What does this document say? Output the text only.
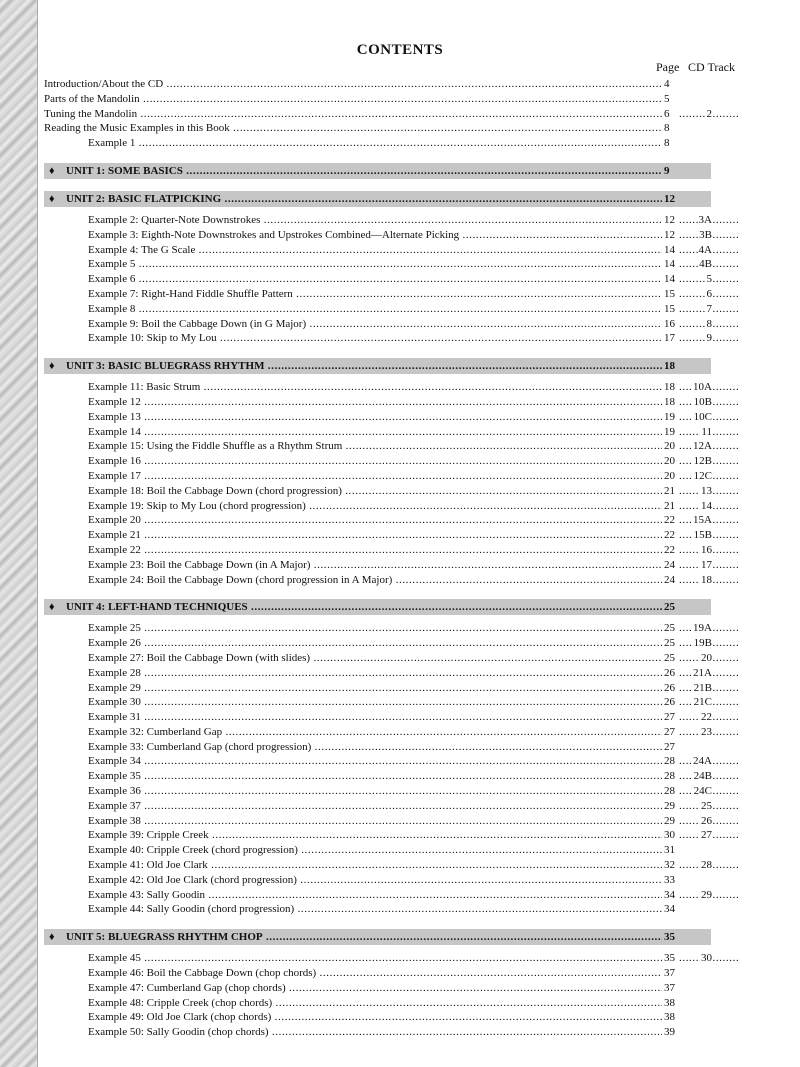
CONTENTS
Page CD Track
Introduction/About the CD .....	4
Parts of the Mandolin .....	5
Tuning the Mandolin .....	6	..... 2
Reading the Music Examples in this Book .....	8
Example 1 .....	8
♦ UNIT 1: SOME BASICS .....	9
♦ UNIT 2: BASIC FLATPICKING .....	12
Example 2: Quarter-Note Downstrokes .....	12	..... 3A
Example 3: Eighth-Note Downstrokes and Upstrokes Combined—Alternate Picking .....	12	..... 3B
Example 4: The G Scale .....	14	..... 4A
Example 5 .....	14	..... 4B
Example 6 .....	14	..... 5
Example 7: Right-Hand Fiddle Shuffle Pattern .....	15	..... 6
Example 8 .....	15	..... 7
Example 9: Boil the Cabbage Down (in G Major) .....	16	..... 8
Example 10: Skip to My Lou .....	17	..... 9
♦ UNIT 3: BASIC BLUEGRASS RHYTHM .....	18
Example 11: Basic Strum .....	18	..... 10A
Example 12 .....	18	..... 10B
Example 13 .....	19	..... 10C
Example 14 .....	19	..... 11
Example 15: Using the Fiddle Shuffle as a Rhythm Strum .....	20	..... 12A
Example 16 .....	20	..... 12B
Example 17 .....	20	..... 12C
Example 18: Boil the Cabbage Down (chord progression) .....	21	..... 13
Example 19: Skip to My Lou (chord progression) .....	21	..... 14
Example 20 .....	22	..... 15A
Example 21 .....	22	..... 15B
Example 22 .....	22	..... 16
Example 23: Boil the Cabbage Down (in A Major) .....	24	..... 17
Example 24: Boil the Cabbage Down (chord progression in A Major) .....	24	..... 18
♦ UNIT 4: LEFT-HAND TECHNIQUES .....	25
Example 25 .....	25	..... 19A
Example 26 .....	25	..... 19B
Example 27: Boil the Cabbage Down (with slides) .....	25	..... 20
Example 28 .....	26	..... 21A
Example 29 .....	26	..... 21B
Example 30 .....	26	..... 21C
Example 31 .....	27	..... 22
Example 32: Cumberland Gap .....	27	..... 23
Example 33: Cumberland Gap (chord progression) .....	27
Example 34 .....	28	..... 24A
Example 35 .....	28	..... 24B
Example 36 .....	28	..... 24C
Example 37 .....	29	..... 25
Example 38 .....	29	..... 26
Example 39: Cripple Creek .....	30	..... 27
Example 40: Cripple Creek (chord progression) .....	31
Example 41: Old Joe Clark .....	32	..... 28
Example 42: Old Joe Clark (chord progression) .....	33
Example 43: Sally Goodin .....	34	..... 29
Example 44: Sally Goodin (chord progression) .....	34
♦ UNIT 5: BLUEGRASS RHYTHM CHOP .....	35
Example 45 .....	35	..... 30
Example 46: Boil the Cabbage Down (chop chords) .....	37
Example 47: Cumberland Gap (chop chords) .....	37
Example 48: Cripple Creek (chop chords) .....	38
Example 49: Old Joe Clark (chop chords) .....	38
Example 50: Sally Goodin (chop chords) .....	39
